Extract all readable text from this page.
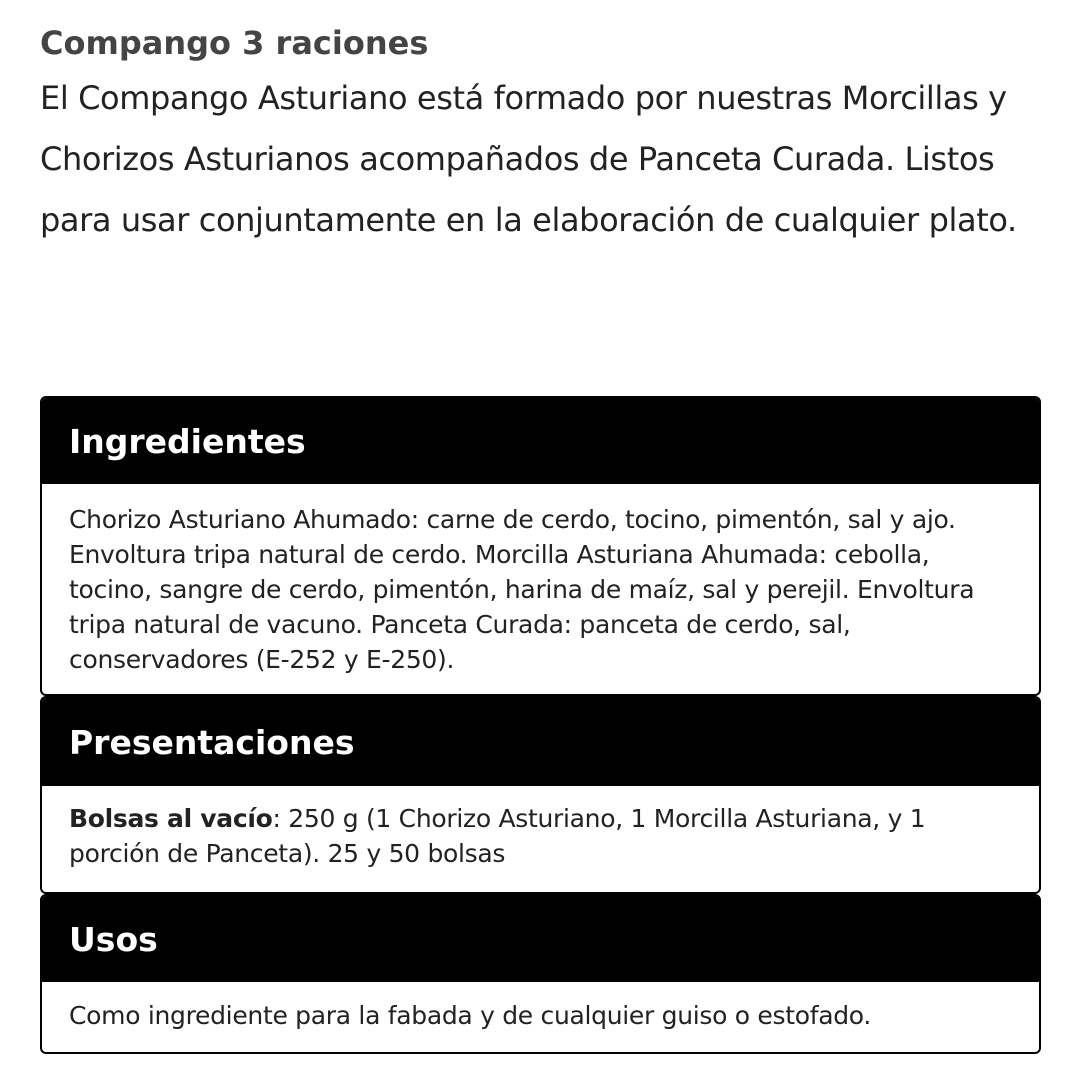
Compango 3 raciones

El Compango Asturiano está formado por nuestras Morcillas y Chorizos Asturianos acompañados de Panceta Curada. Listos para usar conjuntamente en la elaboración de cualquier plato.

Ingredientes
Chorizo Asturiano Ahumado: carne de cerdo, tocino, pimentón, sal y ajo. Envoltura tripa natural de cerdo. Morcilla Asturiana Ahumada: cebolla, tocino, sangre de cerdo, pimentón, harina de maíz, sal y perejil. Envoltura tripa natural de vacuno. Panceta Curada: panceta de cerdo, sal, conservadores (E-252 y E-250).
Presentaciones
Bolsas al vacío: 250 g (1 Chorizo Asturiano, 1 Morcilla Asturiana, y 1 porción de Panceta). 25 y 50 bolsas
Usos
Como ingrediente para la fabada y de cualquier guiso o estofado.
